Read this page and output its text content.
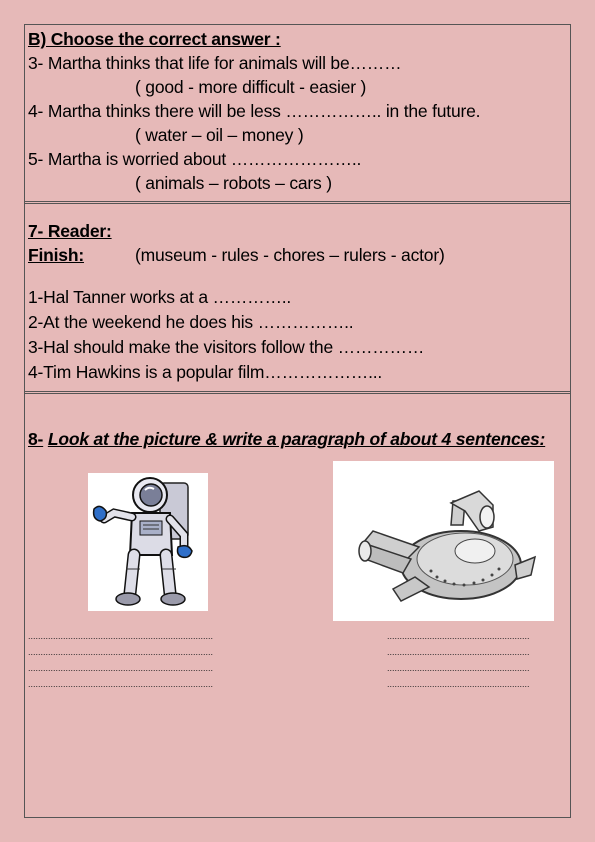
B) Choose the correct answer :
3- Martha thinks that life for animals will be………
( good - more difficult - easier )
4- Martha thinks there will be less …………….. in the future.
( water – oil – money )
5- Martha is worried about …………………..
( animals – robots – cars )
7- Reader:
Finish:	(museum - rules - chores – rulers - actor)
1-Hal Tanner works at a …………..
2-At the weekend he does his ……………..
3-Hal should make the visitors follow the ……………
4-Tim Hawkins is a popular film………………...
8- Look at the picture & write a paragraph of about 4 sentences:
..........................................................................
..........................................................................
..........................................................................
..........................................................................
.........................................................
.........................................................
.........................................................
.........................................................
